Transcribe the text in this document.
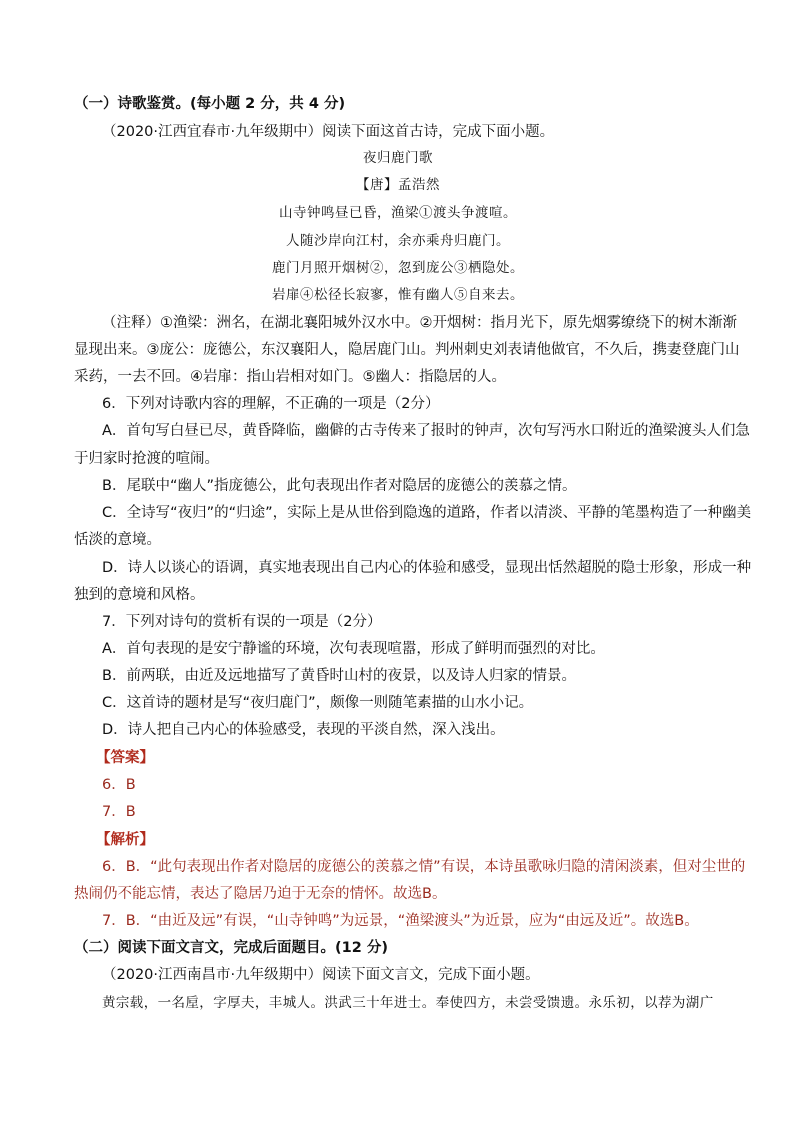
（一）诗歌鉴赏。(每小题 2 分，共 4 分)
（2020·江西宜春市·九年级期中）阅读下面这首古诗，完成下面小题。
夜归鹿门歌
【唐】孟浩然
山寺钟鸣昼已昏，渔梁①渡头争渡喧。
人随沙岸向江村，余亦乘舟归鹿门。
鹿门月照开烟树②，忽到庞公③栖隐处。
岩扉④松径长寂寥，惟有幽人⑤自来去。
（注释）①渔梁：洲名，在湖北襄阳城外汉水中。②开烟树：指月光下，原先烟雾缭绕下的树木渐渐
显现出来。③庞公：庞德公，东汉襄阳人，隐居鹿门山。判州刺史刘表请他做官，不久后，携妻登鹿门山
采药，一去不回。④岩扉：指山岩相对如门。⑤幽人：指隐居的人。
6．下列对诗歌内容的理解，不正确的一项是（2分）
A．首句写白昼已尽，黄昏降临，幽僻的古寺传来了报时的钟声，次句写沔水口附近的渔梁渡头人们急
于归家时抢渡的喧闹。
B．尾联中“幽人”指庞德公，此句表现出作者对隐居的庞德公的羡慕之情。
C．全诗写“夜归”的“归途”，实际上是从世俗到隐逸的道路，作者以清淡、平静的笔墨构造了一种幽美
恬淡的意境。
D．诗人以谈心的语调，真实地表现出自己内心的体验和感受，显现出恬然超脱的隐士形象，形成一种
独到的意境和风格。
7．下列对诗句的赏析有误的一项是（2分）
A．首句表现的是安宁静谧的环境，次句表现喧嚣，形成了鲜明而强烈的对比。
B．前两联，由近及远地描写了黄昏时山村的夜景，以及诗人归家的情景。
C．这首诗的题材是写“夜归鹿门”，颇像一则随笔素描的山水小记。
D．诗人把自己内心的体验感受，表现的平淡自然，深入浅出。
【答案】
6．B
7．B
【解析】
6．B．“此句表现出作者对隐居的庞德公的羡慕之情”有误，本诗虽歌咏归隐的清闲淡素，但对尘世的
热闹仍不能忘情，表达了隐居乃迫于无奈的情怀。故选B。
7．B．“由近及远”有误，“山寺钟鸣”为远景，“渔梁渡头”为近景，应为“由远及近”。故选B。
（二）阅读下面文言文，完成后面题目。(12 分)
（2020·江西南昌市·九年级期中）阅读下面文言文，完成下面小题。
黄宗载，一名垕，字厚夫，丰城人。洪武三十年进士。奉使四方，未尝受馈遗。永乐初，以荐为湖广
